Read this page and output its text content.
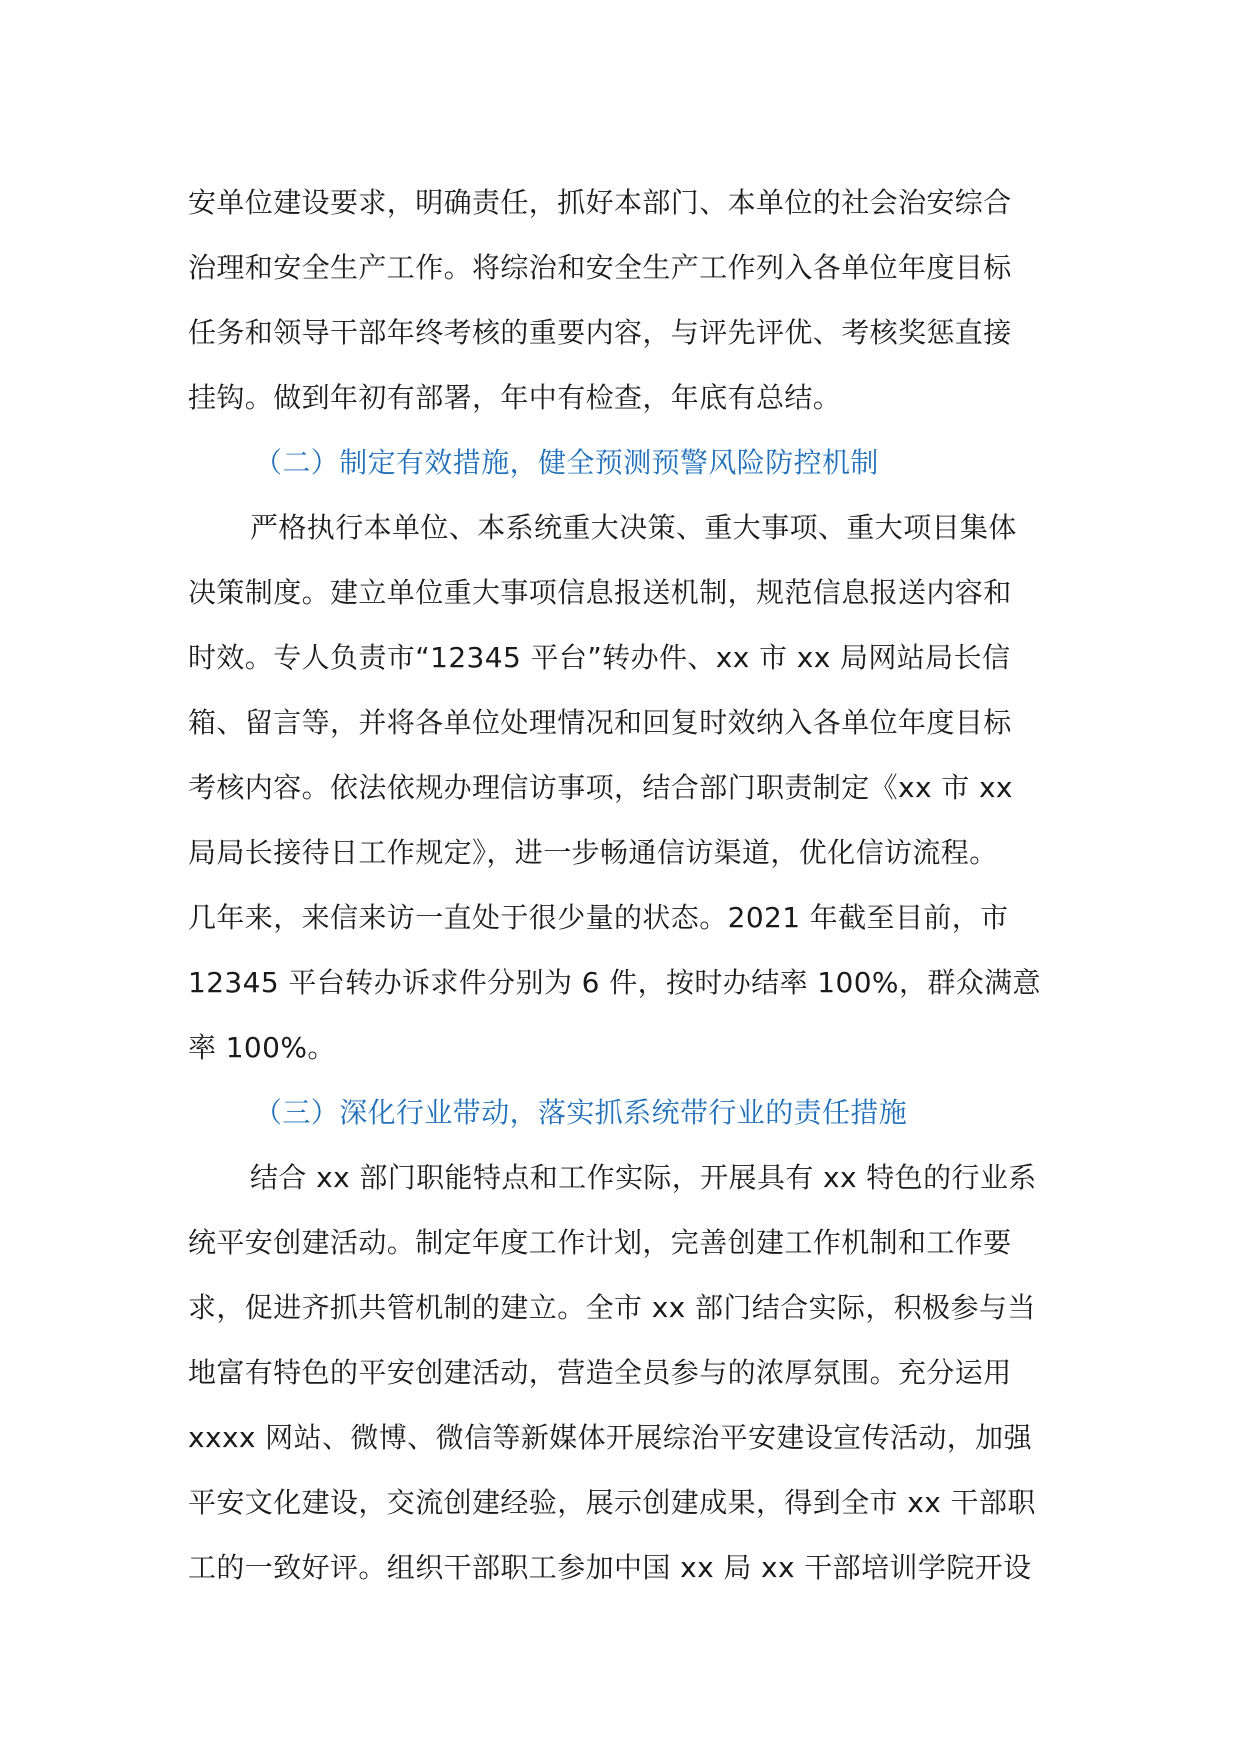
安单位建设要求，明确责任，抓好本部门、本单位的社会治安综合
治理和安全生产工作。将综治和安全生产工作列入各单位年度目标
任务和领导干部年终考核的重要内容，与评先评优、考核奖惩直接
挂钩。做到年初有部署，年中有检查，年底有总结。
（二）制定有效措施，健全预测预警风险防控机制
严格执行本单位、本系统重大决策、重大事项、重大项目集体
决策制度。建立单位重大事项信息报送机制，规范信息报送内容和
时效。专人负责市“12345 平台”转办件、xx 市 xx 局网站局长信
箱、留言等，并将各单位处理情况和回复时效纳入各单位年度目标
考核内容。依法依规办理信访事项，结合部门职责制定《xx 市 xx
局局长接待日工作规定》，进一步畅通信访渠道，优化信访流程。
几年来，来信来访一直处于很少量的状态。2021 年截至目前，市
12345 平台转办诉求件分别为 6 件，按时办结率 100%，群众满意
率 100%。
（三）深化行业带动，落实抓系统带行业的责任措施
结合 xx 部门职能特点和工作实际，开展具有 xx 特色的行业系
统平安创建活动。制定年度工作计划，完善创建工作机制和工作要
求，促进齐抓共管机制的建立。全市 xx 部门结合实际，积极参与当
地富有特色的平安创建活动，营造全员参与的浓厚氛围。充分运用
xxxx 网站、微博、微信等新媒体开展综治平安建设宣传活动，加强
平安文化建设，交流创建经验，展示创建成果，得到全市 xx 干部职
工的一致好评。组织干部职工参加中国 xx 局 xx 干部培训学院开设
